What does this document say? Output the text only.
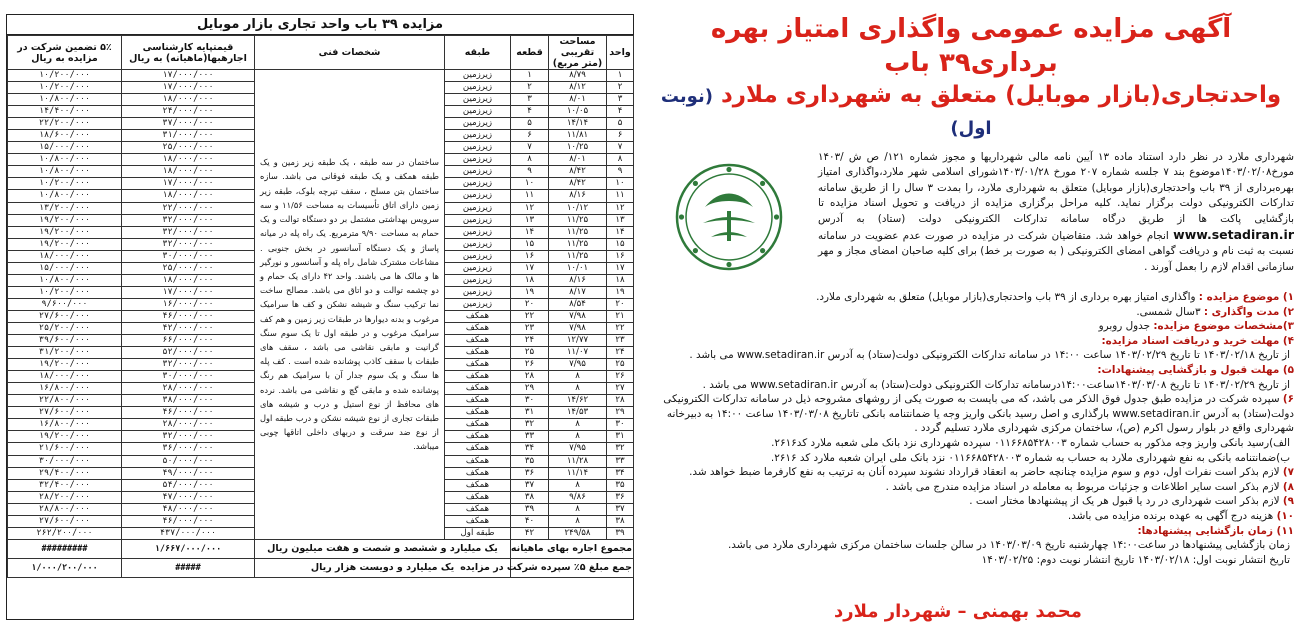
مزایده ۳۹ باب واحد تجاری بازار موبایل
واحد	مساحت تقریبی (متر مربع)	قطعه	طبقه	شخصات فنی	قیمتپایه کارشناسی اجارهبها(ماهیانه) به ریال	۵٪ تضمین شرکت در مزایده به ریال
۱	۸/۷۹	۱	زیرزمین	ساختمان در سه طبقه ، یک طبقه زیر زمین و یک طبقه همکف و یک طبقه فوقانی می باشد. سازه ساختمان بتن مسلح ، سقف تیرچه بلوک، طبقه زیر زمین دارای اتاق تأسیسات به مساحت ۱۱/۵۶ و سه سرویس بهداشتی مشتمل بر دو دستگاه توالت و یک حمام به مساحت ۹/۹۰ مترمربع. یک راه پله در میانه پاساژ و یک دستگاه آسانسور در بخش جنوبی . مشاعات مشترک شامل راه پله و آسانسور و نورگیر ها و مالک ها می باشند. واحد ۴۲ دارای یک حمام و دو چشمه توالت و دو اتاق می باشد. مصالح ساخت نما ترکیب سنگ و شیشه نشکن و کف ها سرامیک مرغوب و بدنه دیوارها در طبقات زیر زمین و هم کف سرامیک مرغوب و در طبقه اول تا یک سوم سنگ گرانیت و مابقی نقاشی می باشد ، سقف های طبقات با سقف کاذب پوشانده شده است . کف پله ها سنگ و یک سوم جدار آن با سرامیک هم رنگ پوشانده شده و مابقی گچ و نقاشی می باشد. نرده های محافظ از نوع استیل و درب و شیشه های طبقات تجاری از نوع شیشه نشکن و درب طبقه اول از نوع ضد سرقت و دربهای داخلی اتاقها چوبی میباشد.	۱۷/۰۰۰/۰۰۰	۱۰/۲۰۰/۰۰۰
۲	۸/۱۲	۲	زیرزمین		۱۷/۰۰۰/۰۰۰	۱۰/۲۰۰/۰۰۰
۳	۸/۰۱	۳	زیرزمین		۱۸/۰۰۰/۰۰۰	۱۰/۸۰۰/۰۰۰
۴	۱۰/۰۵	۴	زیرزمین		۲۴/۰۰۰/۰۰۰	۱۴/۴۰۰/۰۰۰
۵	۱۴/۱۴	۵	زیرزمین		۳۷/۰۰۰/۰۰۰	۲۲/۲۰۰/۰۰۰
۶	۱۱/۸۱	۶	زیرزمین		۳۱/۰۰۰/۰۰۰	۱۸/۶۰۰/۰۰۰
۷	۱۰/۲۵	۷	زیرزمین		۲۵/۰۰۰/۰۰۰	۱۵/۰۰۰/۰۰۰
۸	۸/۰۱	۸	زیرزمین		۱۸/۰۰۰/۰۰۰	۱۰/۸۰۰/۰۰۰
۹	۸/۴۲	۹	زیرزمین		۱۸/۰۰۰/۰۰۰	۱۰/۸۰۰/۰۰۰
۱۰	۸/۴۲	۱۰	زیرزمین		۱۷/۰۰۰/۰۰۰	۱۰/۲۰۰/۰۰۰
۱۱	۸/۱۶	۱۱	زیرزمین		۱۸/۰۰۰/۰۰۰	۱۰/۸۰۰/۰۰۰
۱۲	۱۰/۱۲	۱۲	زیرزمین		۲۲/۰۰۰/۰۰۰	۱۳/۲۰۰/۰۰۰
۱۳	۱۱/۲۵	۱۳	زیرزمین		۳۲/۰۰۰/۰۰۰	۱۹/۲۰۰/۰۰۰
۱۴	۱۱/۲۵	۱۴	زیرزمین		۳۲/۰۰۰/۰۰۰	۱۹/۲۰۰/۰۰۰
۱۵	۱۱/۲۵	۱۵	زیرزمین		۳۲/۰۰۰/۰۰۰	۱۹/۲۰۰/۰۰۰
۱۶	۱۱/۲۵	۱۶	زیرزمین		۳۰/۰۰۰/۰۰۰	۱۸/۰۰۰/۰۰۰
۱۷	۱۰/۰۱	۱۷	زیرزمین		۲۵/۰۰۰/۰۰۰	۱۵/۰۰۰/۰۰۰
۱۸	۸/۱۶	۱۸	زیرزمین		۱۸/۰۰۰/۰۰۰	۱۰/۸۰۰/۰۰۰
۱۹	۸/۱۷	۱۹	زیرزمین		۱۷/۰۰۰/۰۰۰	۱۰/۲۰۰/۰۰۰
۲۰	۸/۵۴	۲۰	زیرزمین		۱۶/۰۰۰/۰۰۰	۹/۶۰۰/۰۰۰
۲۱	۷/۹۸	۲۲	همکف		۴۶/۰۰۰/۰۰۰	۲۷/۶۰۰/۰۰۰
۲۲	۷/۹۸	۲۳	همکف		۴۲/۰۰۰/۰۰۰	۲۵/۲۰۰/۰۰۰
۲۳	۱۲/۷۷	۲۴	همکف		۶۶/۰۰۰/۰۰۰	۳۹/۶۰۰/۰۰۰
۲۴	۱۱/۰۷	۲۵	همکف		۵۲/۰۰۰/۰۰۰	۳۱/۲۰۰/۰۰۰
۲۵	۷/۹۵	۲۶	همکف		۳۲/۰۰۰/۰۰۰	۱۹/۲۰۰/۰۰۰
۲۶	۸	۲۸	همکف		۳۰/۰۰۰/۰۰۰	۱۸/۰۰۰/۰۰۰
۲۷	۸	۲۹	همکف		۲۸/۰۰۰/۰۰۰	۱۶/۸۰۰/۰۰۰
۲۸	۱۴/۶۲	۳۰	همکف		۳۸/۰۰۰/۰۰۰	۲۲/۸۰۰/۰۰۰
۲۹	۱۴/۵۳	۳۱	همکف		۴۶/۰۰۰/۰۰۰	۲۷/۶۰۰/۰۰۰
۳۰	۸	۳۲	همکف		۲۸/۰۰۰/۰۰۰	۱۶/۸۰۰/۰۰۰
۳۱	۸	۳۳	همکف		۳۲/۰۰۰/۰۰۰	۱۹/۲۰۰/۰۰۰
۳۲	۷/۹۵	۳۴	همکف		۳۶/۰۰۰/۰۰۰	۲۱/۶۰۰/۰۰۰
۳۳	۱۱/۲۸	۳۵	همکف		۵۰/۰۰۰/۰۰۰	۳۰/۰۰۰/۰۰۰
۳۴	۱۱/۱۴	۳۶	همکف		۴۹/۰۰۰/۰۰۰	۲۹/۴۰۰/۰۰۰
۳۵	۸	۳۷	همکف		۵۴/۰۰۰/۰۰۰	۳۲/۴۰۰/۰۰۰
۳۶	۹/۸۶	۳۸	همکف		۴۷/۰۰۰/۰۰۰	۲۸/۲۰۰/۰۰۰
۳۷	۸	۳۹	همکف		۴۸/۰۰۰/۰۰۰	۲۸/۸۰۰/۰۰۰
۳۸	۸	۴۰	همکف		۴۶/۰۰۰/۰۰۰	۲۷/۶۰۰/۰۰۰
۳۹	۲۴۹/۵۸	۴۲	طبقه اول		۴۳۷/۰۰۰/۰۰۰	۲۶۲/۲۰۰/۰۰۰
مجموع اجاره بهای ماهیانه			یک میلیارد و ششصد و شصت و هفت میلیون ریال		۱/۶۶۷/۰۰۰/۰۰۰	#########
جمع مبلغ ۵٪ سپرده شرکت در مزایده			یک میلیارد و دویست هزار ریال		#####	۱/۰۰۰/۲۰۰/۰۰۰
آگهی مزایده عمومی واگذاری امتیاز بهره برداری۳۹ باب
واحدتجاری(بازار موبایل) متعلق به شهرداری ملارد (نوبت اول)
شهرداری ملارد در نظر دارد استناد ماده ۱۳ آیین نامه مالی شهرداریها و مجوز شماره ۱۲۱/ ص ش /۱۴۰۳ مورخ۱۴۰۳/۰۲/۰۸موضوع بند ۷ جلسه شماره ۲۰۷ مورخ ۱۴۰۳/۰۱/۲۸شورای اسلامی شهر ملارد،واگذاری امتیاز بهره‌برداری از ۳۹ باب واحدتجاری(بازار موبایل) متعلق به شهرداری ملارد، را بمدت ۳ سال را از طریق سامانه تدارکات الکترونیکی دولت برگزار نماید. کلیه مراحل برگزاری مزایده از دریافت و تحویل اسناد مزایده تا بازگشایی پاکت ها از طریق درگاه سامانه تدارکات الکترونیکی دولت (ستاد) به آدرس www.setadiran.ir انجام خواهد شد. متقاضیان شرکت در مزایده در صورت عدم عضویت در سامانه نسبت به ثبت نام و دریافت گواهی امضای الکترونیکی ( به صورت بر خط) برای کلیه صاحبان امضای مجاز و مهر سازمانی اقدام لازم را بعمل آورند .
۱) موضوع مزایده : واگذاری امتیاز بهره برداری از ۳۹ باب واحدتجاری(بازار موبایل) متعلق به شهرداری ملارد.
۲) مدت واگذاری : ۳سال شمسی.
۳)مشخصات موضوع مزایده: جدول روبرو
۴) مهلت خرید و دریافت اسناد مزایده:
از تاریخ ۱۴۰۳/۰۲/۱۸ تا تاریخ ۱۴۰۳/۰۲/۲۹ ساعت ۱۴:۰۰ در سامانه تدارکات الکترونیکی دولت(ستاد) به آدرس www.setadiran.ir می باشد .
۵) مهلت قبول و بازگشایی پیشنهادات:
از تاریخ ۱۴۰۳/۰۲/۲۹ تا تاریخ ۱۴۰۳/۰۳/۰۸ساعت۱۴:۰۰درسامانه تدارکات الکترونیکی دولت(ستاد) به آدرس www.setadiran.ir می باشد .
۶) سپرده شرکت در مزایده طبق جدول فوق الذکر می باشد، که می بایست به صورت یکی از روشهای مشروحه ذیل در سامانه تدارکات الکترونیکی دولت(ستاد) به آدرس www.setadiran.ir بارگذاری و اصل رسید بانکی واریز وجه یا ضمانتنامه بانکی تاتاریخ ۱۴۰۳/۰۳/۰۸ ساعت ۱۴:۰۰ به دبیرخانه شهرداری واقع در بلوار رسول اکرم (ص)، ساختمان مرکزی شهرداری ملارد تسلیم گردد .
الف)رسید بانکی واریز وجه مذکور به حساب شماره ۰۱۱۶۶۸۵۴۲۸۰۰۳ سپرده شهرداری نزد بانک ملی شعبه ملارد کد۲۶۱۶.
ب)ضمانتنامه بانکی به نفع شهرداری ملارد به حساب به شماره ۰۱۱۶۶۸۵۴۲۸۰۰۳ نزد بانک ملی ایران شعبه ملارد کد ۲۶۱۶.
۷) لازم بذکر است نفرات اول، دوم و سوم مزایده چنانچه حاضر به انعقاد قرارداد نشوند سپرده آنان به ترتیب به نفع کارفرما ضبط خواهد شد.
۸) لازم بذکر است سایر اطلاعات و جزئیات مربوط به معامله در اسناد مزایده مندرج می باشد .
۹) لازم بذکر است شهرداری در رد یا قبول هر یک از پیشنهادها مختار است .
۱۰) هزینه درج آگهی به عهده برنده مزایده می باشد.
۱۱) زمان بازگشایی پیشنهادها:
زمان بازگشایی پیشنهادها در ساعت۱۴:۰۰ چهارشنبه تاریخ ۱۴۰۳/۰۳/۰۹ در سالن جلسات ساختمان مرکزی شهرداری ملارد می باشد.
تاریخ انتشار نوبت اول: ۱۴۰۳/۰۲/۱۸ تاریخ انتشار نوبت دوم: ۱۴۰۳/۰۲/۲۵
محمد بهمنی – شهردار ملارد
